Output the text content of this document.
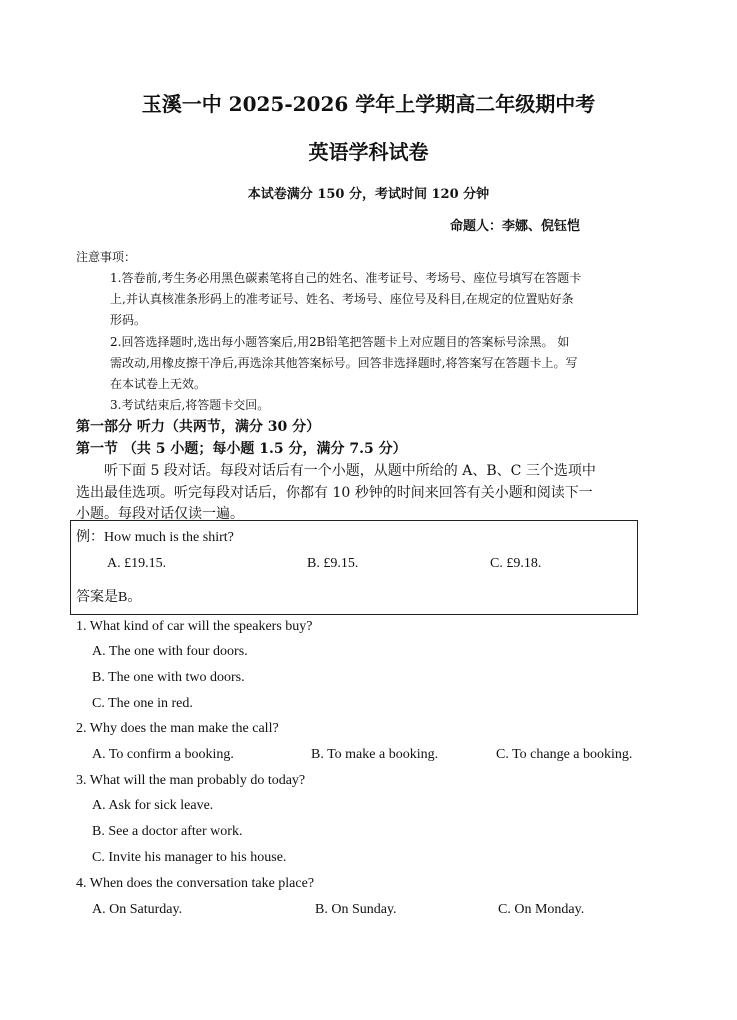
玉溪一中 2025-2026 学年上学期高二年级期中考
英语学科试卷
本试卷满分 150 分，考试时间 120 分钟
命题人：李娜、倪钰恺
注意事项：
1.答卷前,考生务必用黑色碳素笔将自己的姓名、准考证号、考场号、座位号填写在答题卡
上,并认真核准条形码上的准考证号、姓名、考场号、座位号及科目,在规定的位置贴好条
形码。
2.回答选择题时,选出每小题答案后,用2B铅笔把答题卡上对应题目的答案标号涂黑。 如
需改动,用橡皮擦干净后,再选涂其他答案标号。回答非选择题时,将答案写在答题卡上。写
在本试卷上无效。
3.考试结束后,将答题卡交回。
第一部分 听力（共两节，满分 30 分）
第一节 （共 5 小题；每小题 1.5 分，满分 7.5 分）
听下面 5 段对话。每段对话后有一个小题，从题中所给的 A、B、C 三个选项中
选出最佳选项。听完每段对话后，你都有 10 秒钟的时间来回答有关小题和阅读下一
小题。每段对话仅读一遍。
例：How much is the shirt?
A. £19.15.	B. £9.15.	C. £9.18.
答案是B。
1. What kind of car will the speakers buy?
A. The one with four doors.
B. The one with two doors.
C. The one in red.
2. Why does the man make the call?
A. To confirm a booking.	B. To make a booking.	C. To change a booking.
3. What will the man probably do today?
A. Ask for sick leave.
B. See a doctor after work.
C. Invite his manager to his house.
4. When does the conversation take place?
A. On Saturday.	B. On Sunday.	C. On Monday.
